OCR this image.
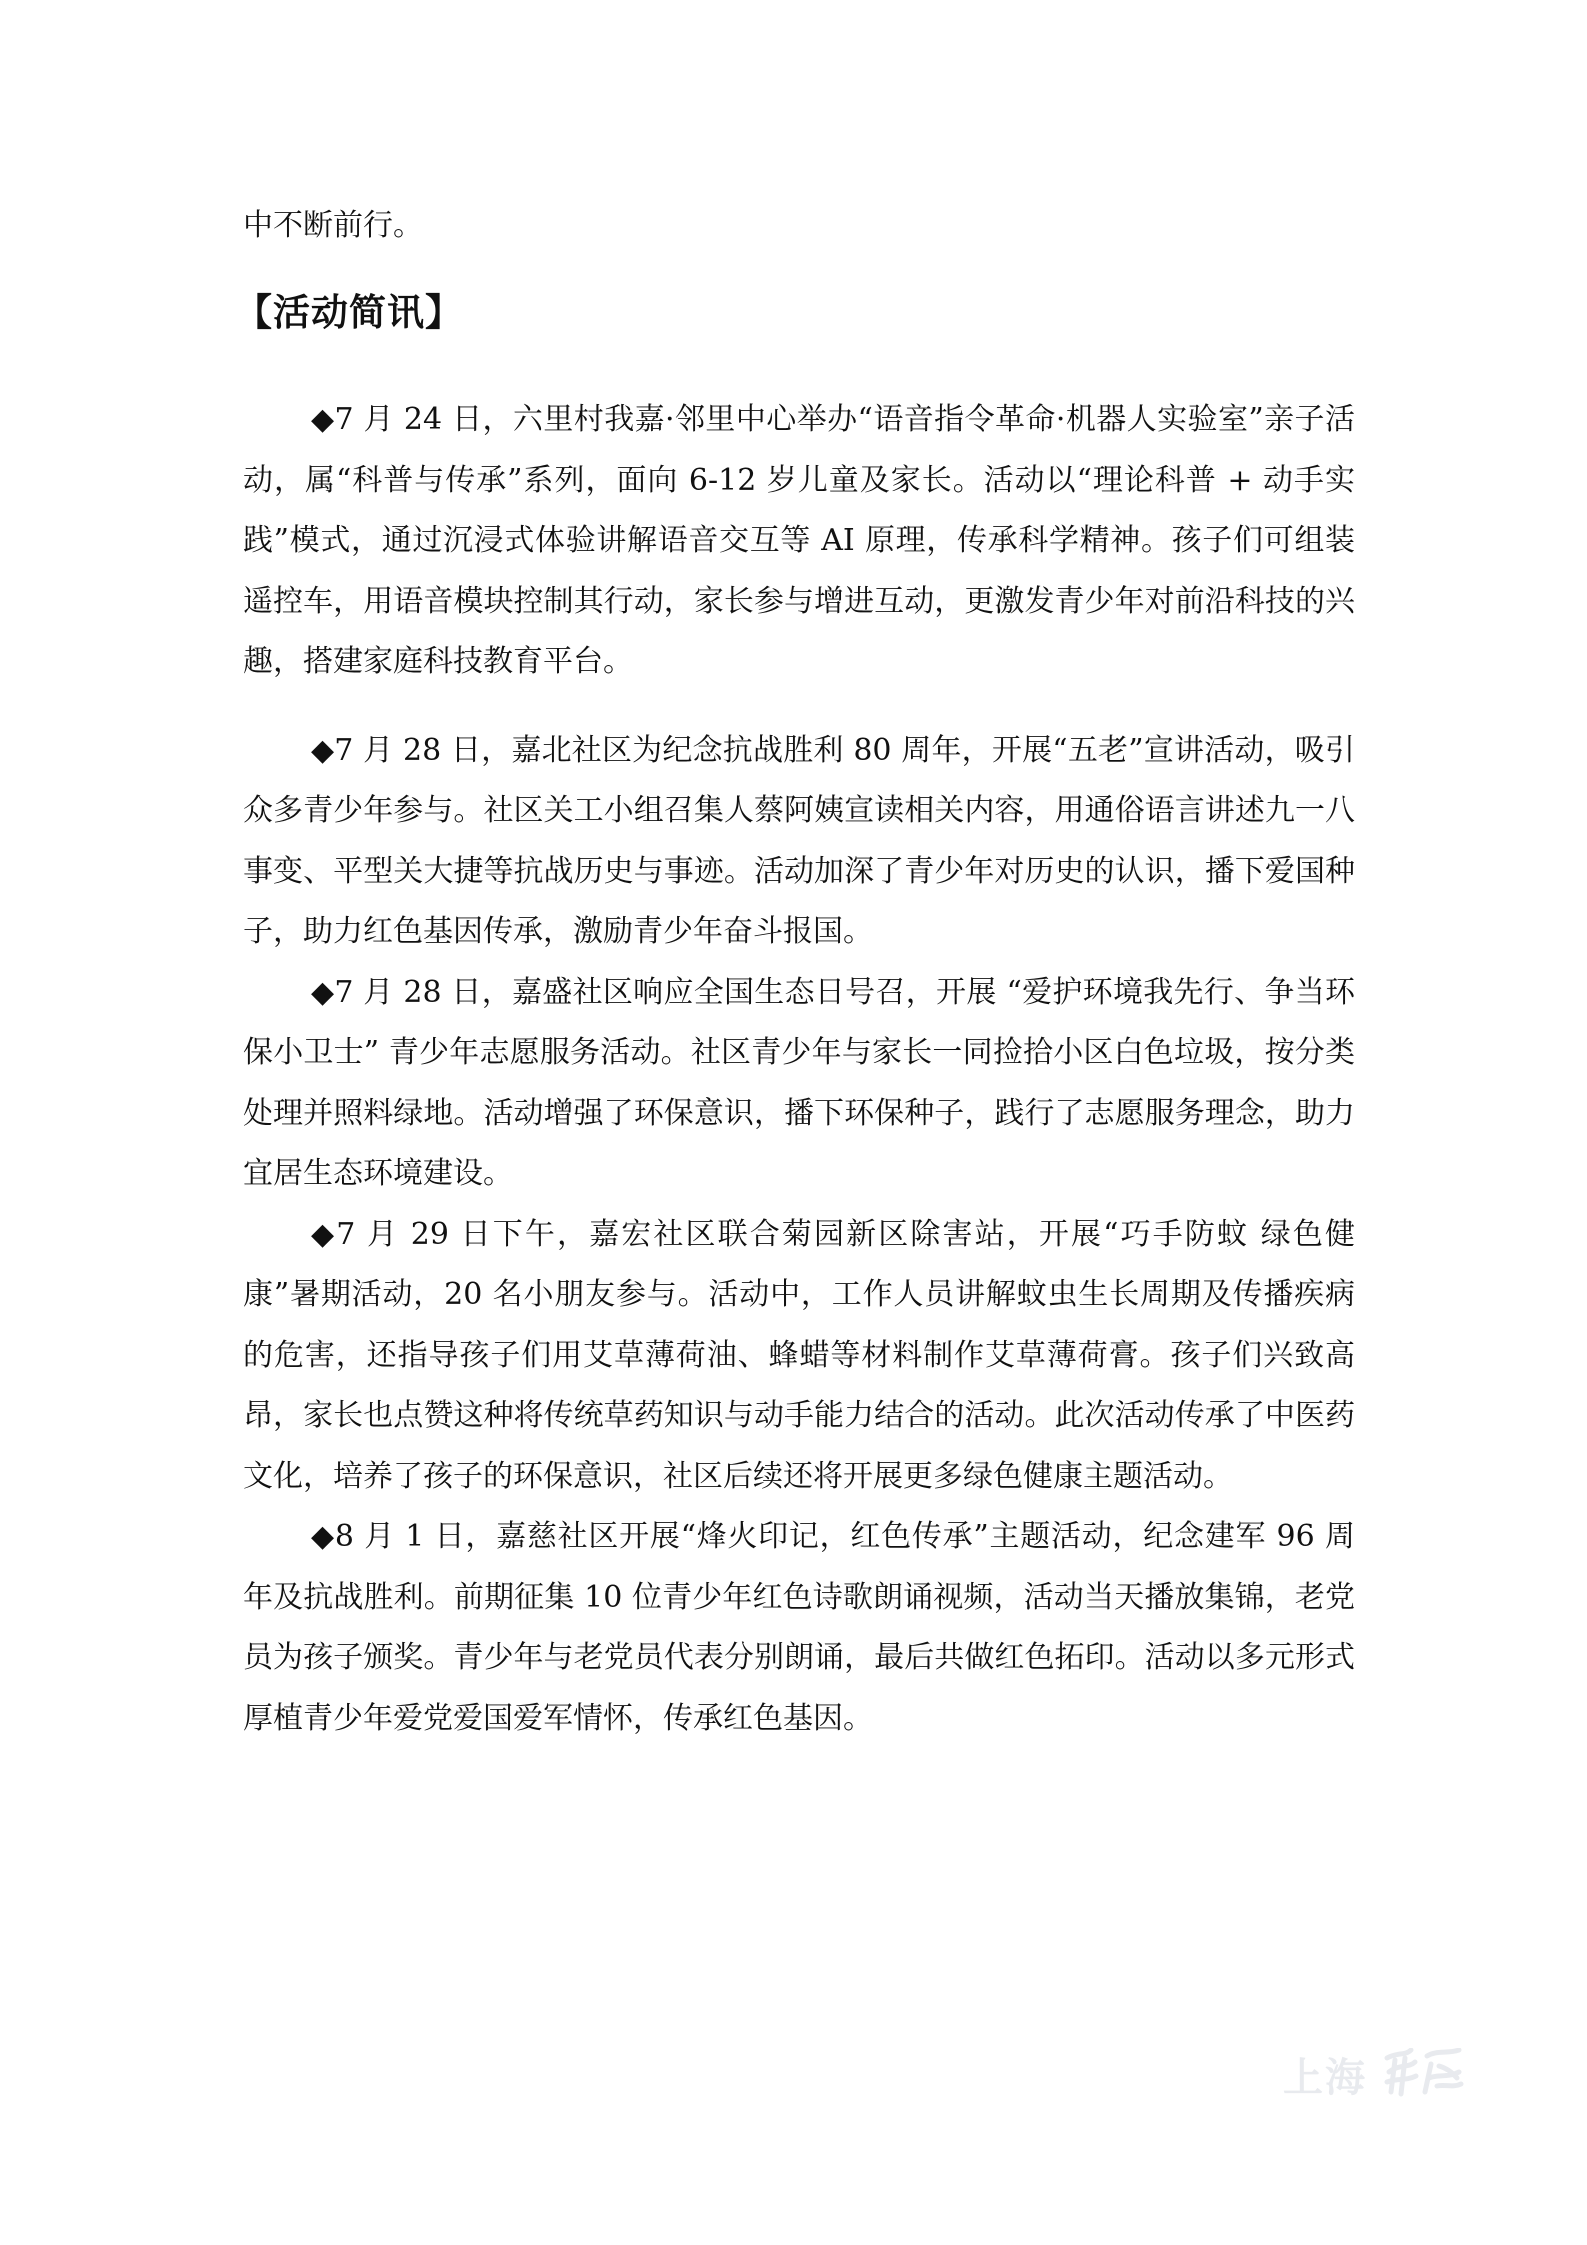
中不断前行。

【活动简讯】

◆7 月 24 日，六里村我嘉·邻里中心举办“语音指令革命·机器人实验室”亲子活动，属“科普与传承”系列，面向 6-12 岁儿童及家长。活动以“理论科普 + 动手实践”模式，通过沉浸式体验讲解语音交互等 AI 原理，传承科学精神。孩子们可组装遥控车，用语音模块控制其行动，家长参与增进互动，更激发青少年对前沿科技的兴趣，搭建家庭科技教育平台。

◆7 月 28 日，嘉北社区为纪念抗战胜利 80 周年，开展“五老”宣讲活动，吸引众多青少年参与。社区关工小组召集人蔡阿姨宣读相关内容，用通俗语言讲述九一八事变、平型关大捷等抗战历史与事迹。活动加深了青少年对历史的认识，播下爱国种子，助力红色基因传承，激励青少年奋斗报国。

◆7 月 28 日，嘉盛社区响应全国生态日号召，开展 “爱护环境我先行、争当环保小卫士” 青少年志愿服务活动。社区青少年与家长一同捡拾小区白色垃圾，按分类处理并照料绿地。活动增强了环保意识，播下环保种子，践行了志愿服务理念，助力宜居生态环境建设。

◆7 月 29 日下午，嘉宏社区联合菊园新区除害站，开展“巧手防蚊 绿色健康”暑期活动，20 名小朋友参与。活动中，工作人员讲解蚊虫生长周期及传播疾病的危害，还指导孩子们用艾草薄荷油、蜂蜡等材料制作艾草薄荷膏。孩子们兴致高昂，家长也点赞这种将传统草药知识与动手能力结合的活动。此次活动传承了中医药文化，培养了孩子的环保意识，社区后续还将开展更多绿色健康主题活动。

◆8 月 1 日，嘉慈社区开展“烽火印记，红色传承”主题活动，纪念建军 96 周年及抗战胜利。前期征集 10 位青少年红色诗歌朗诵视频，活动当天播放集锦，老党员为孩子颁奖。青少年与老党员代表分别朗诵，最后共做红色拓印。活动以多元形式厚植青少年爱党爱国爱军情怀，传承红色基因。

上海
